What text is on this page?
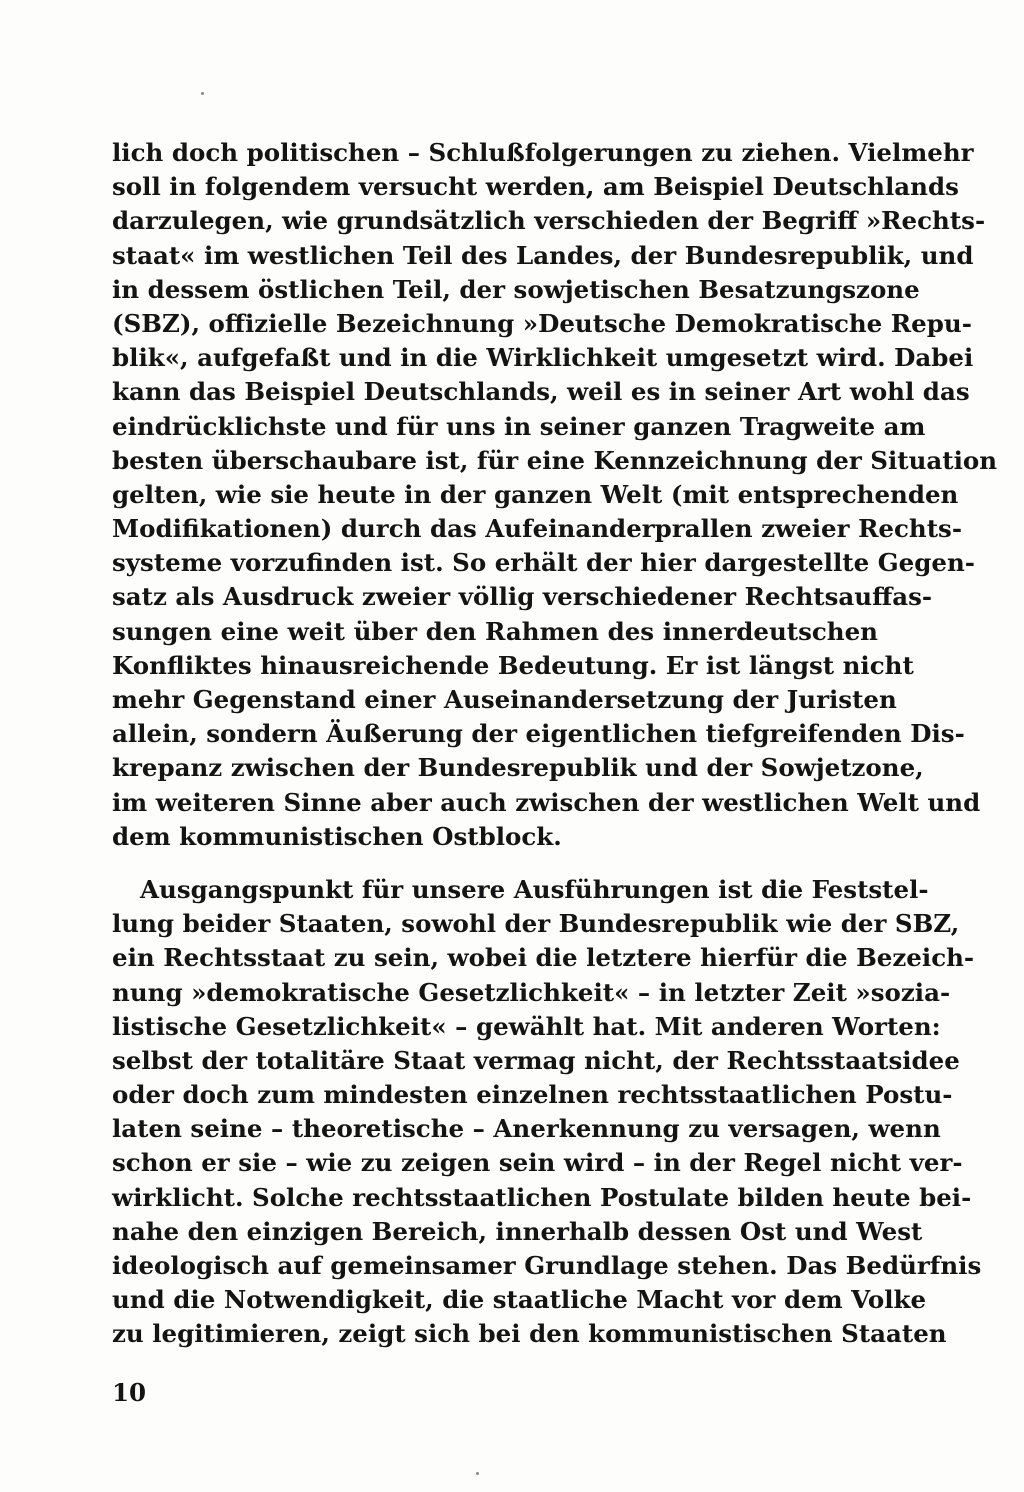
lich doch politischen – Schlußfolgerungen zu ziehen. Vielmehr
soll in folgendem versucht werden, am Beispiel Deutschlands
darzulegen, wie grundsätzlich verschieden der Begriff »Rechts-
staat« im westlichen Teil des Landes, der Bundesrepublik, und
in dessem östlichen Teil, der sowjetischen Besatzungszone
(SBZ), offizielle Bezeichnung »Deutsche Demokratische Repu-
blik«, aufgefaßt und in die Wirklichkeit umgesetzt wird. Dabei
kann das Beispiel Deutschlands, weil es in seiner Art wohl das
eindrücklichste und für uns in seiner ganzen Tragweite am
besten überschaubare ist, für eine Kennzeichnung der Situation
gelten, wie sie heute in der ganzen Welt (mit entsprechenden
Modifikationen) durch das Aufeinanderprallen zweier Rechts-
systeme vorzufinden ist. So erhält der hier dargestellte Gegen-
satz als Ausdruck zweier völlig verschiedener Rechtsauffas-
sungen eine weit über den Rahmen des innerdeutschen
Konfliktes hinausreichende Bedeutung. Er ist längst nicht
mehr Gegenstand einer Auseinandersetzung der Juristen
allein, sondern Äußerung der eigentlichen tiefgreifenden Dis-
krepanz zwischen der Bundesrepublik und der Sowjetzone,
im weiteren Sinne aber auch zwischen der westlichen Welt und
dem kommunistischen Ostblock.
Ausgangspunkt für unsere Ausführungen ist die Feststel-
lung beider Staaten, sowohl der Bundesrepublik wie der SBZ,
ein Rechtsstaat zu sein, wobei die letztere hierfür die Bezeich-
nung »demokratische Gesetzlichkeit« – in letzter Zeit »sozia-
listische Gesetzlichkeit« – gewählt hat. Mit anderen Worten:
selbst der totalitäre Staat vermag nicht, der Rechtsstaatsidee
oder doch zum mindesten einzelnen rechtsstaatlichen Postu-
laten seine – theoretische – Anerkennung zu versagen, wenn
schon er sie – wie zu zeigen sein wird – in der Regel nicht ver-
wirklicht. Solche rechtsstaatlichen Postulate bilden heute bei-
nahe den einzigen Bereich, innerhalb dessen Ost und West
ideologisch auf gemeinsamer Grundlage stehen. Das Bedürfnis
und die Notwendigkeit, die staatliche Macht vor dem Volke
zu legitimieren, zeigt sich bei den kommunistischen Staaten
10
